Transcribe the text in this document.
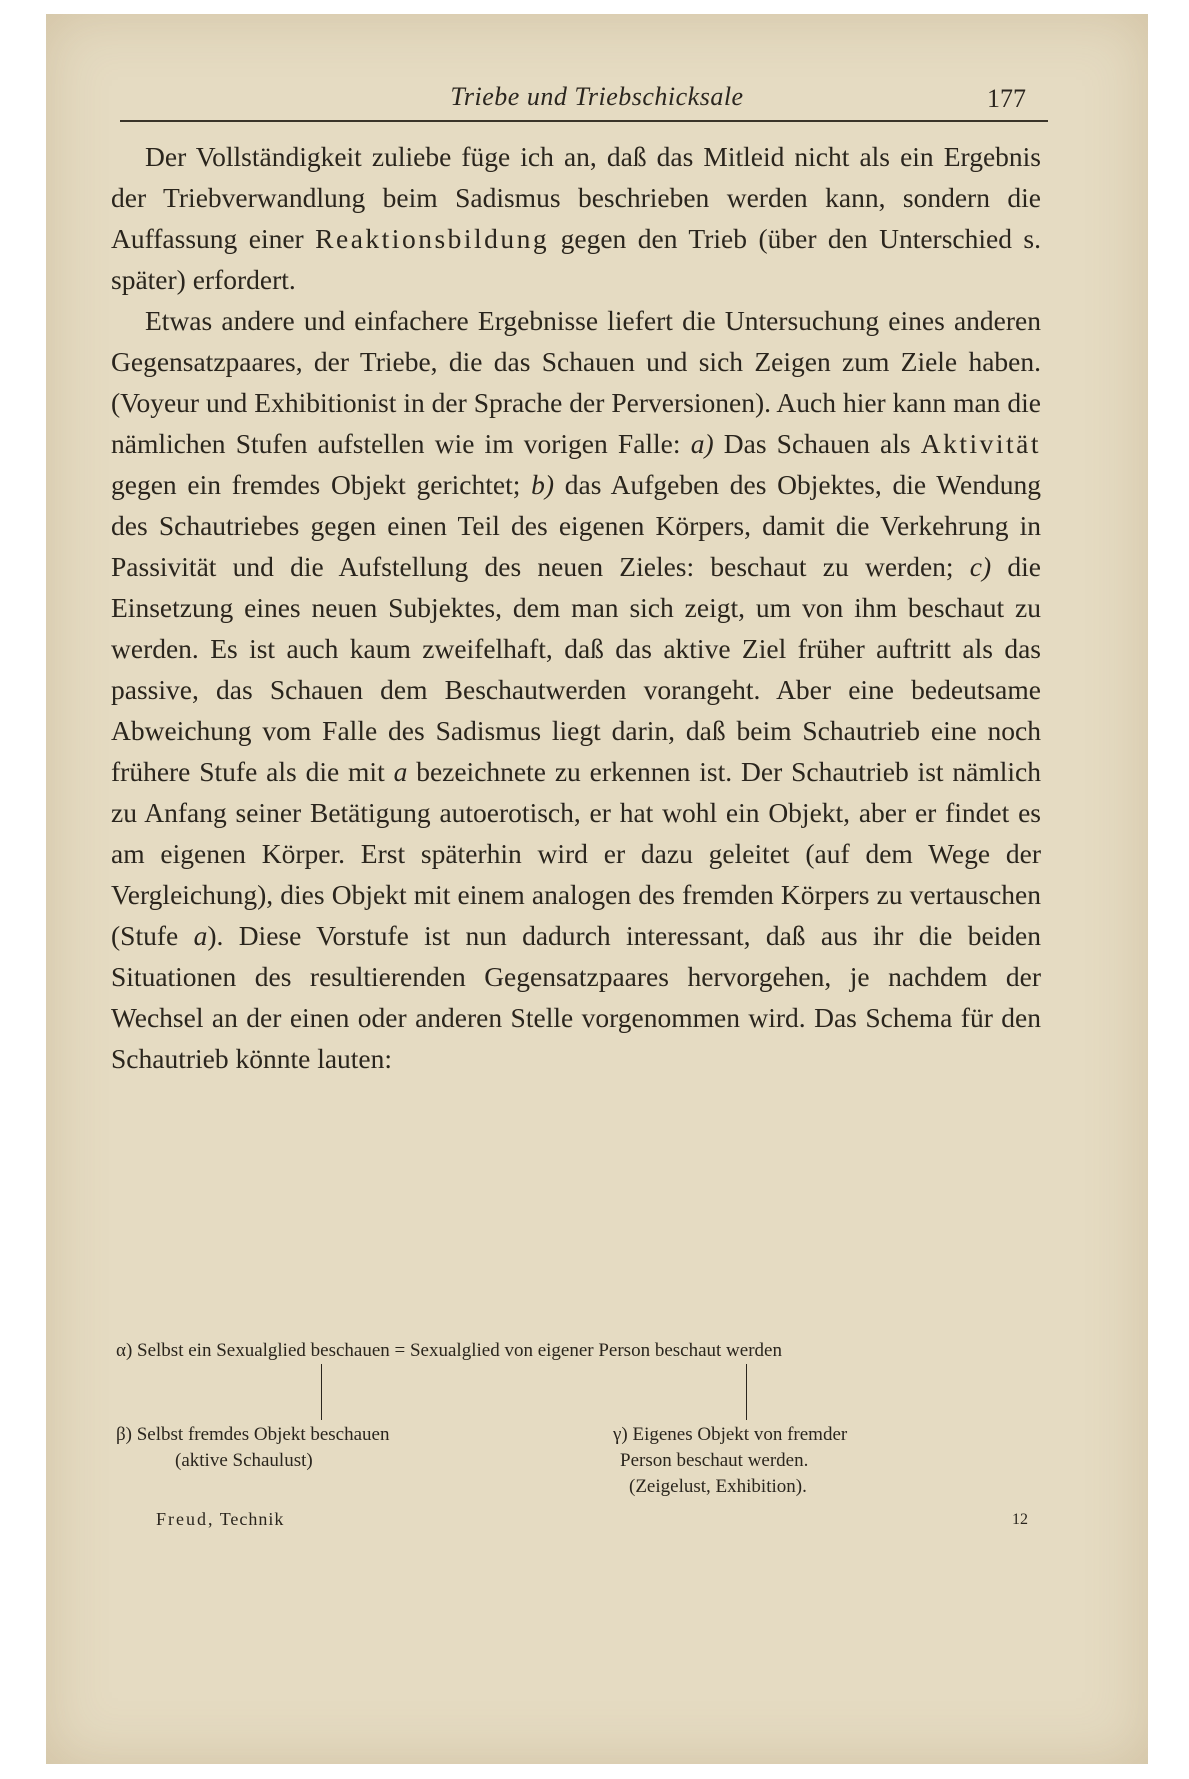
Triebe und Triebschicksale	177

Der Vollständigkeit zuliebe füge ich an, daß das Mitleid nicht als ein Ergebnis der Triebverwandlung beim Sadismus beschrieben werden kann, sondern die Auffassung einer Reaktionsbildung gegen den Trieb (über den Unterschied s. später) erfordert.

Etwas andere und einfachere Ergebnisse liefert die Untersuchung eines anderen Gegensatzpaares, der Triebe, die das Schauen und sich Zeigen zum Ziele haben. (Voyeur und Exhibitionist in der Sprache der Perversionen). Auch hier kann man die nämlichen Stufen aufstellen wie im vorigen Falle: a) Das Schauen als Aktivität gegen ein fremdes Objekt gerichtet; b) das Aufgeben des Objektes, die Wendung des Schautriebes gegen einen Teil des eigenen Körpers, damit die Verkehrung in Passivität und die Aufstellung des neuen Zieles: beschaut zu werden; c) die Einsetzung eines neuen Subjektes, dem man sich zeigt, um von ihm beschaut zu werden. Es ist auch kaum zweifelhaft, daß das aktive Ziel früher auftritt als das passive, das Schauen dem Beschautwerden vorangeht. Aber eine bedeutsame Abweichung vom Falle des Sadismus liegt darin, daß beim Schautrieb eine noch frühere Stufe als die mit a bezeichnete zu erkennen ist. Der Schautrieb ist nämlich zu Anfang seiner Betätigung autoerotisch, er hat wohl ein Objekt, aber er findet es am eigenen Körper. Erst späterhin wird er dazu geleitet (auf dem Wege der Vergleichung), dies Objekt mit einem analogen des fremden Körpers zu vertauschen (Stufe a). Diese Vorstufe ist nun dadurch interessant, daß aus ihr die beiden Situationen des resultierenden Gegensatzpaares hervorgehen, je nachdem der Wechsel an der einen oder anderen Stelle vorgenommen wird. Das Schema für den Schautrieb könnte lauten:

α) Selbst ein Sexualglied beschauen = Sexualglied von eigener Person beschaut werden
β) Selbst fremdes Objekt beschauen
(aktive Schaulust)
γ) Eigenes Objekt von fremder
Person beschaut werden.
(Zeigelust, Exhibition).
Freud, Technik	12
